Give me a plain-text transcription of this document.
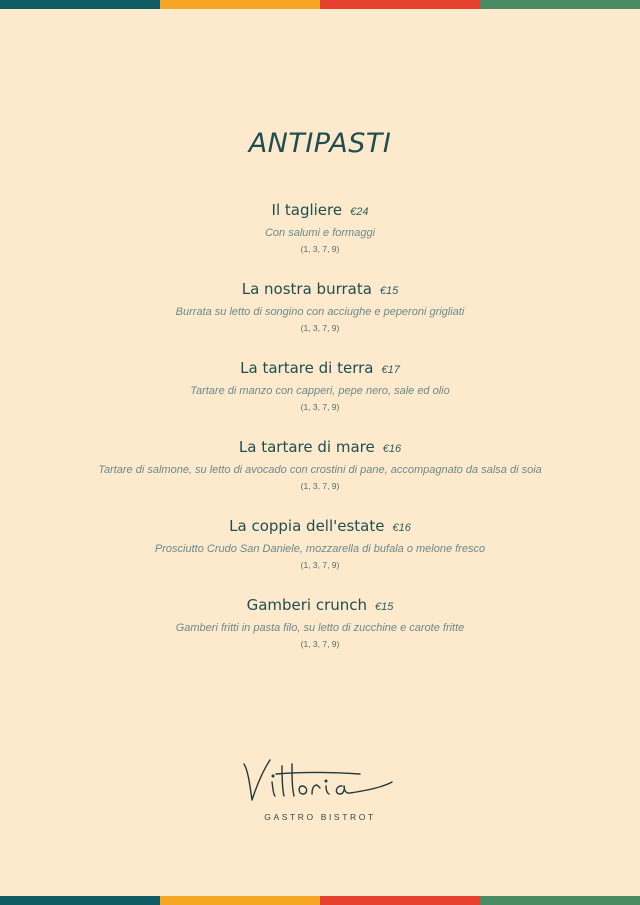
ANTIPASTI
Il tagliere €24
Con salumi e formaggi
(1, 3, 7, 9)
La nostra burrata €15
Burrata su letto di songino con acciughe e peperoni grigliati
(1, 3, 7, 9)
La tartare di terra €17
Tartare di manzo con capperi, pepe nero, sale ed olio
(1, 3, 7, 9)
La tartare di mare €16
Tartare di salmone, su letto di avocado con crostini di pane, accompagnato da salsa di soia
(1, 3, 7, 9)
La coppia dell'estate €16
Prosciutto Crudo San Daniele, mozzarella di bufala o melone fresco
(1, 3, 7, 9)
Gamberi crunch €15
Gamberi fritti in pasta filo, su letto di zucchine e carote fritte
(1, 3, 7, 9)
GASTRO BISTROT
